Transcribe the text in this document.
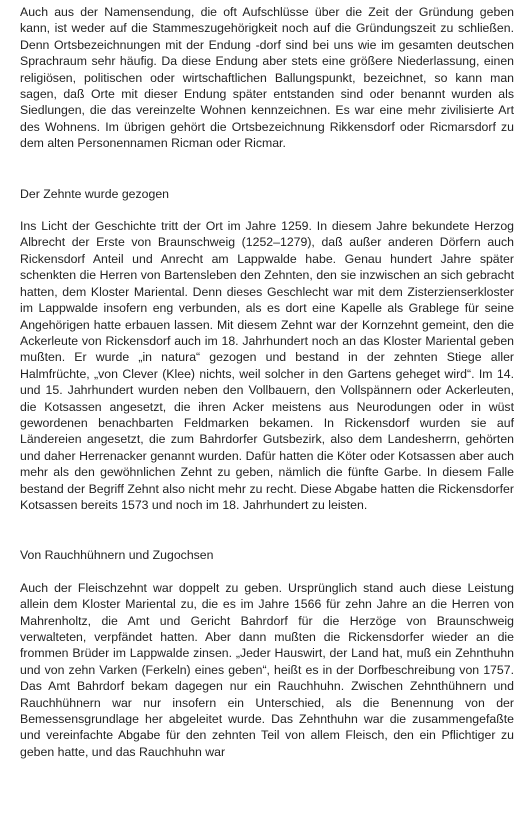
Auch aus der Namensendung, die oft Aufschlüsse über die Zeit der Gründung geben kann, ist weder auf die Stammeszugehörigkeit noch auf die Gründungszeit zu schließen. Denn Ortsbezeichnungen mit der Endung -dorf sind bei uns wie im gesamten deutschen Sprachraum sehr häufig. Da diese Endung aber stets eine größere Niederlassung, einen religiösen, politischen oder wirtschaftlichen Ballungspunkt, bezeichnet, so kann man sagen, daß Orte mit dieser Endung später entstanden sind oder benannt wurden als Siedlungen, die das vereinzelte Wohnen kennzeichnen. Es war eine mehr zivilisierte Art des Wohnens. Im übrigen gehört die Ortsbezeichnung Rikkensdorf oder Ricmarsdorf zu dem alten Personennamen Ricman oder Ricmar.

Der Zehnte wurde gezogen

Ins Licht der Geschichte tritt der Ort im Jahre 1259. In diesem Jahre bekundete Herzog Albrecht der Erste von Braunschweig (1252–1279), daß außer anderen Dörfern auch Rickensdorf Anteil und Anrecht am Lappwalde habe. Genau hundert Jahre später schenkten die Herren von Bartensleben den Zehnten, den sie inzwischen an sich gebracht hatten, dem Kloster Mariental. Denn dieses Geschlecht war mit dem Zisterzienserkloster im Lappwalde insofern eng verbunden, als es dort eine Kapelle als Grablege für seine Angehörigen hatte erbauen lassen. Mit diesem Zehnt war der Kornzehnt gemeint, den die Ackerleute von Rickensdorf auch im 18. Jahrhundert noch an das Kloster Mariental geben mußten. Er wurde „in natura“ gezogen und bestand in der zehnten Stiege aller Halmfrüchte, „von Clever (Klee) nichts, weil solcher in den Gartens geheget wird“. Im 14. und 15. Jahrhundert wurden neben den Vollbauern, den Vollspännern oder Ackerleuten, die Kotsassen angesetzt, die ihren Acker meistens aus Neurodungen oder in wüst gewordenen benachbarten Feldmarken bekamen. In Rickensdorf wurden sie auf Ländereien angesetzt, die zum Bahrdorfer Gutsbezirk, also dem Landesherrn, gehörten und daher Herrenacker genannt wurden. Dafür hatten die Köter oder Kotsassen aber auch mehr als den gewöhnlichen Zehnt zu geben, nämlich die fünfte Garbe. In diesem Falle bestand der Begriff Zehnt also nicht mehr zu recht. Diese Abgabe hatten die Rickensdorfer Kotsassen bereits 1573 und noch im 18. Jahrhundert zu leisten.

Von Rauchhühnern und Zugochsen

Auch der Fleischzehnt war doppelt zu geben. Ursprünglich stand auch diese Leistung allein dem Kloster Mariental zu, die es im Jahre 1566 für zehn Jahre an die Herren von Mahrenholtz, die Amt und Gericht Bahrdorf für die Herzöge von Braunschweig verwalteten, verpfändet hatten. Aber dann mußten die Rickensdorfer wieder an die frommen Brüder im Lappwalde zinsen. „Jeder Hauswirt, der Land hat, muß ein Zehnthuhn und von zehn Varken (Ferkeln) eines geben“, heißt es in der Dorfbeschreibung von 1757. Das Amt Bahrdorf bekam dagegen nur ein Rauchhuhn. Zwischen Zehnthühnern und Rauchhühnern war nur insofern ein Unterschied, als die Benennung von der Bemessensgrundlage her abgeleitet wurde. Das Zehnthuhn war die zusammengefaßte und vereinfachte Abgabe für den zehnten Teil von allem Fleisch, den ein Pflichtiger zu geben hatte, und das Rauchhuhn war
